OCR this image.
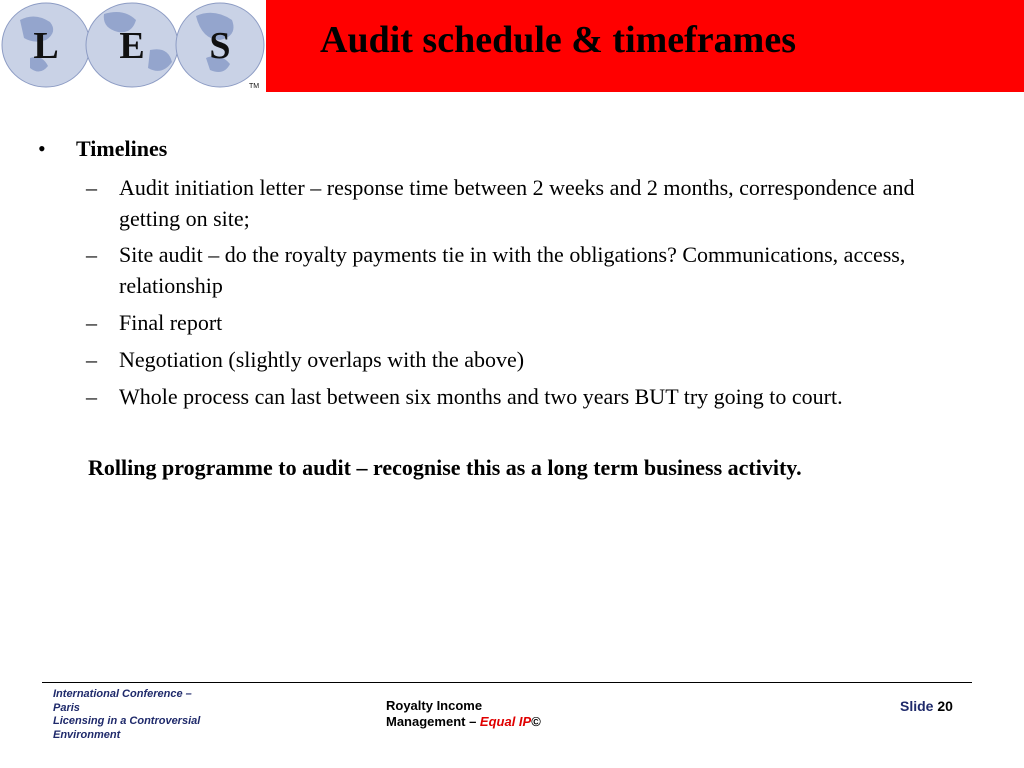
L E S
TM
Audit schedule & timeframes
• Timelines
– Audit initiation letter – response time between 2 weeks and 2 months, correspondence and getting on site;
– Site audit – do the royalty payments tie in with the obligations? Communications, access, relationship
– Final report
– Negotiation (slightly overlaps with the above)
– Whole process can last between six months and two years BUT try going to court.
Rolling programme to audit – recognise this as a long term business activity.
International Conference –
Paris
Licensing in a Controversial
Environment
Royalty Income
Management – Equal IP©
Slide 20
